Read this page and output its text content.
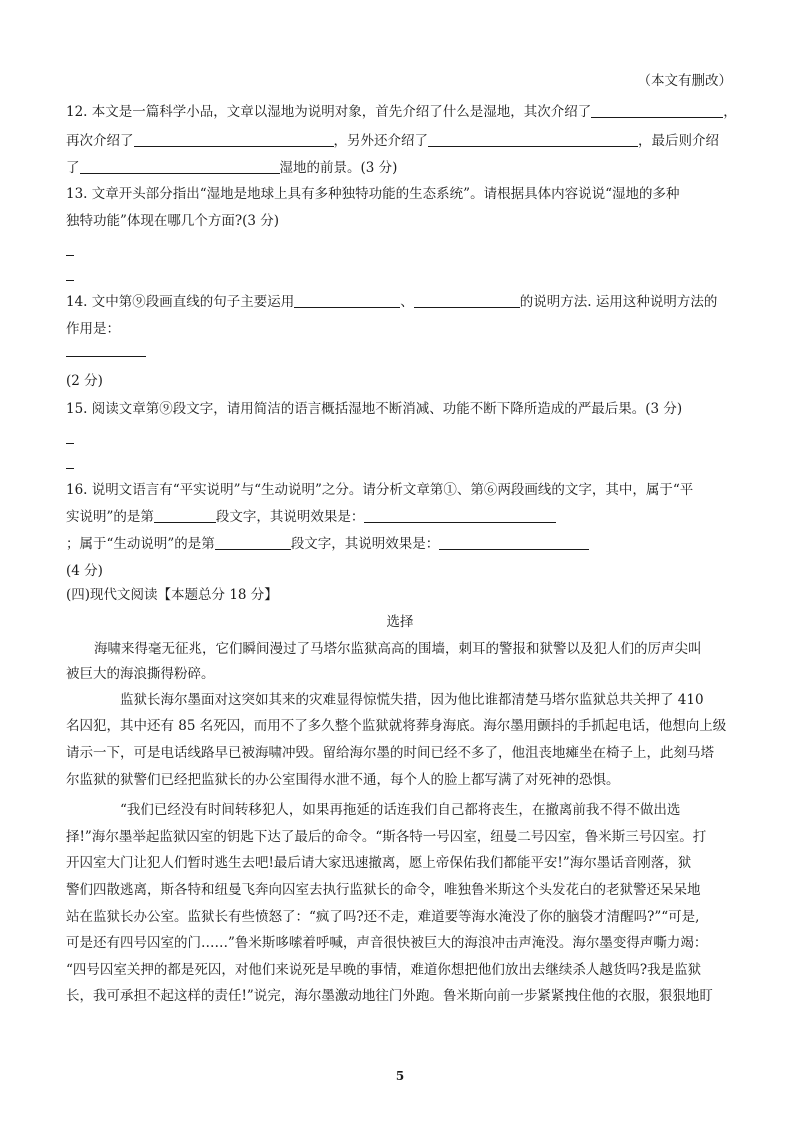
（本文有删改）
12. 本文是一篇科学小品，文章以湿地为说明对象，首先介绍了什么是湿地，其次介绍了	，
再次介绍了	，另外还介绍了	，最后则介绍
了	湿地的前景。(3 分)
13. 文章开头部分指出“湿地是地球上具有多种独特功能的生态系统”。请根据具体内容说说“湿地的多种
独特功能”体现在哪几个方面?(3 分)
14. 文中第⑨段画直线的句子主要运用	、	的说明方法. 运用这种说明方法的
作用是：
(2 分)
15. 阅读文章第⑨段文字，请用简洁的语言概括湿地不断消减、功能不断下降所造成的严最后果。(3 分)
16. 说明文语言有“平实说明”与“生动说明”之分。请分析文章第①、第⑥两段画线的文字，其中，属于“平
实说明”的是第	段文字，其说明效果是：
；属于“生动说明”的是第	段文字，其说明效果是：
(4 分)
(四)现代文阅读【本题总分 18 分】
选择
海啸来得毫无征兆，它们瞬间漫过了马塔尔监狱高高的围墙，刺耳的警报和狱警以及犯人们的厉声尖叫
被巨大的海浪撕得粉碎。
监狱长海尔墨面对这突如其来的灾难显得惊慌失措，因为他比谁都清楚马塔尔监狱总共关押了 410
名囚犯，其中还有 85 名死囚，而用不了多久整个监狱就将葬身海底。海尔墨用颤抖的手抓起电话，他想向上级
请示一下，可是电话线路早已被海啸冲毁。留给海尔墨的时间已经不多了，他沮丧地瘫坐在椅子上，此刻马塔
尔监狱的狱警们已经把监狱长的办公室围得水泄不通，每个人的脸上都写满了对死神的恐惧。
“我们已经没有时间转移犯人，如果再拖延的话连我们自己都将丧生，在撤离前我不得不做出选
择!”海尔墨举起监狱囚室的钥匙下达了最后的命令。“斯各特一号囚室，纽曼二号囚室，鲁米斯三号囚室。打
开囚室大门让犯人们暂时逃生去吧!最后请大家迅速撤离，愿上帝保佑我们都能平安!”海尔墨话音刚落，狱
警们四散逃离，斯各特和纽曼飞奔向囚室去执行监狱长的命令，唯独鲁米斯这个头发花白的老狱警还呆呆地
站在监狱长办公室。监狱长有些愤怒了：“疯了吗?还不走，难道要等海水淹没了你的脑袋才清醒吗?”“可是,
可是还有四号囚室的门……”鲁米斯哆嗦着呼喊，声音很快被巨大的海浪冲击声淹没。海尔墨变得声嘶力竭：
“四号囚室关押的都是死囚，对他们来说死是早晚的事情，难道你想把他们放出去继续杀人越货吗?我是监狱
长，我可承担不起这样的责任!”说完，海尔墨激动地往门外跑。鲁米斯向前一步紧紧拽住他的衣服，狠狠地盯
5
